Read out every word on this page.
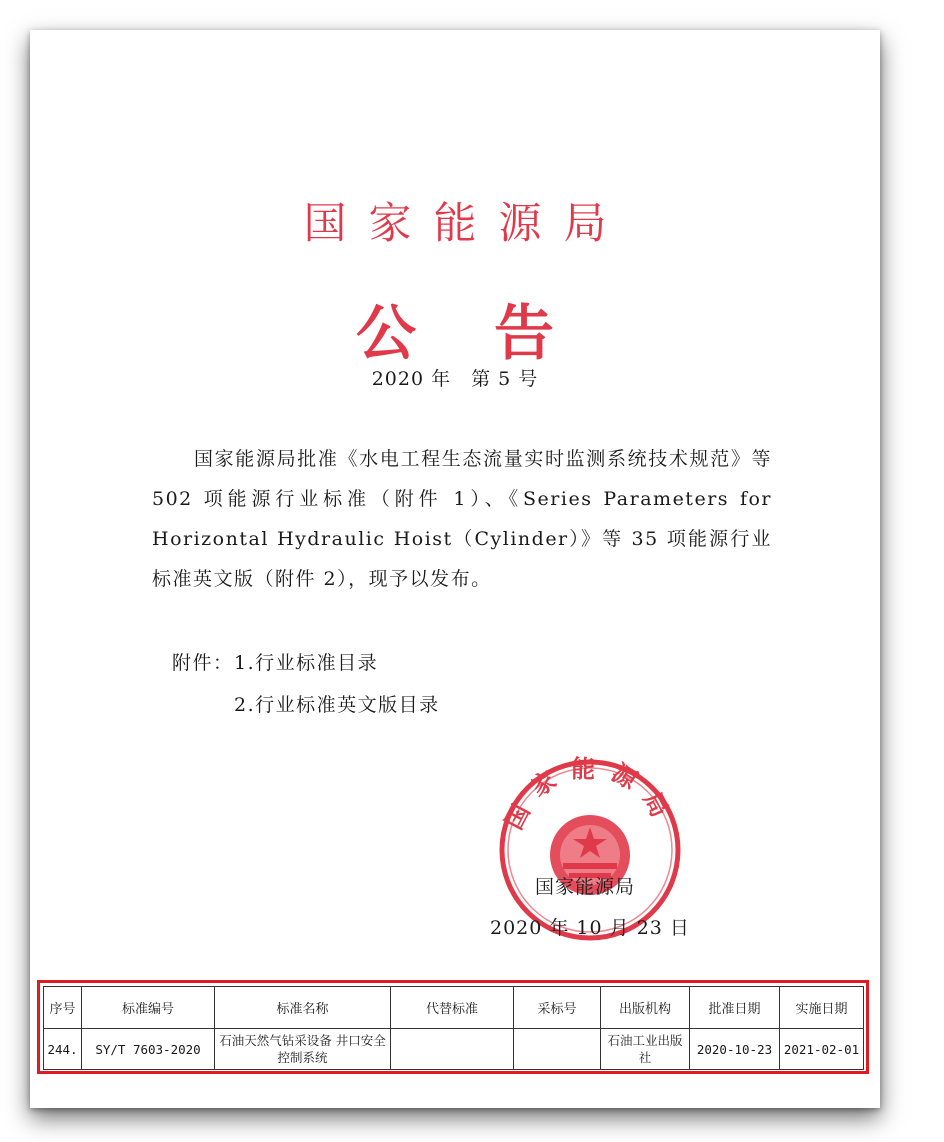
国家能源局
公告
2020 年　第 5 号

国家能源局批准《水电工程生态流量实时监测系统技术规范》等 502 项能源行业标准（附件 1）、《Series Parameters for Horizontal Hydraulic Hoist（Cylinder）》等 35 项能源行业标准英文版（附件 2），现予以发布。

附件： 1.行业标准目录
2.行业标准英文版目录
国家能源局
国家能源局
2020 年 10 月 23 日
序号	标准编号	标准名称	代替标准	采标号	出版机构	批准日期	实施日期
244.	SY/T 7603-2020	石油天然气钻采设备 井口安全控制系统			石油工业出版社	2020-10-23	2021-02-01
